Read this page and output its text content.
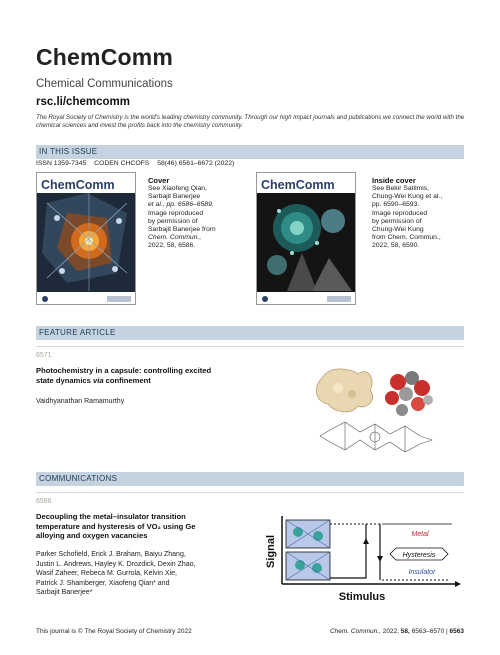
ChemComm
Chemical Communications
rsc.li/chemcomm
The Royal Society of Chemistry is the world's leading chemistry community. Through our high impact journals and publications we connect the world with the chemical sciences and invest the profits back into the chemistry community.
IN THIS ISSUE
ISSN 1359-7345 CODEN CHCOFS 58(46) 6561–6672 (2022)
ChemComm	Cover
See Xiaofeng Qian,
Sarbajit Banerjee
et al., pp. 6586–6589.
Image reproduced
by permission of
Sarbajit Banerjee from
Chem. Commun.,
2022, 58, 6586.
ChemComm	Inside cover
See Bekir Satilmis,
Chung-Wei Kung et al.,
pp. 6590–6593.
Image reproduced
by permission of
Chung-Wei Kung
from Chem. Commun.,
2022, 58, 6590.
FEATURE ARTICLE
6571
Photochemistry in a capsule: controlling excited
state dynamics via confinement
Vaidhyanathan Ramamurthy
COMMUNICATIONS
6586
Decoupling the metal–insulator transition
temperature and hysteresis of VO₂ using Ge
alloying and oxygen vacancies
Parker Schofield, Erick J. Braham, Baiyu Zhang,
Justin L. Andrews, Hayley K. Drozdick, Dexin Zhao,
Wasif Zaheer, Rebeca M. Gurrola, Kelvin Xie,
Patrick J. Shamberger, Xiaofeng Qian* and
Sarbajit Banerjee*
Signal
Stimulus
Metal
Hysteresis
Insulator
This journal is © The Royal Society of Chemistry 2022	Chem. Commun., 2022, 58, 6563–6570 | 6563
